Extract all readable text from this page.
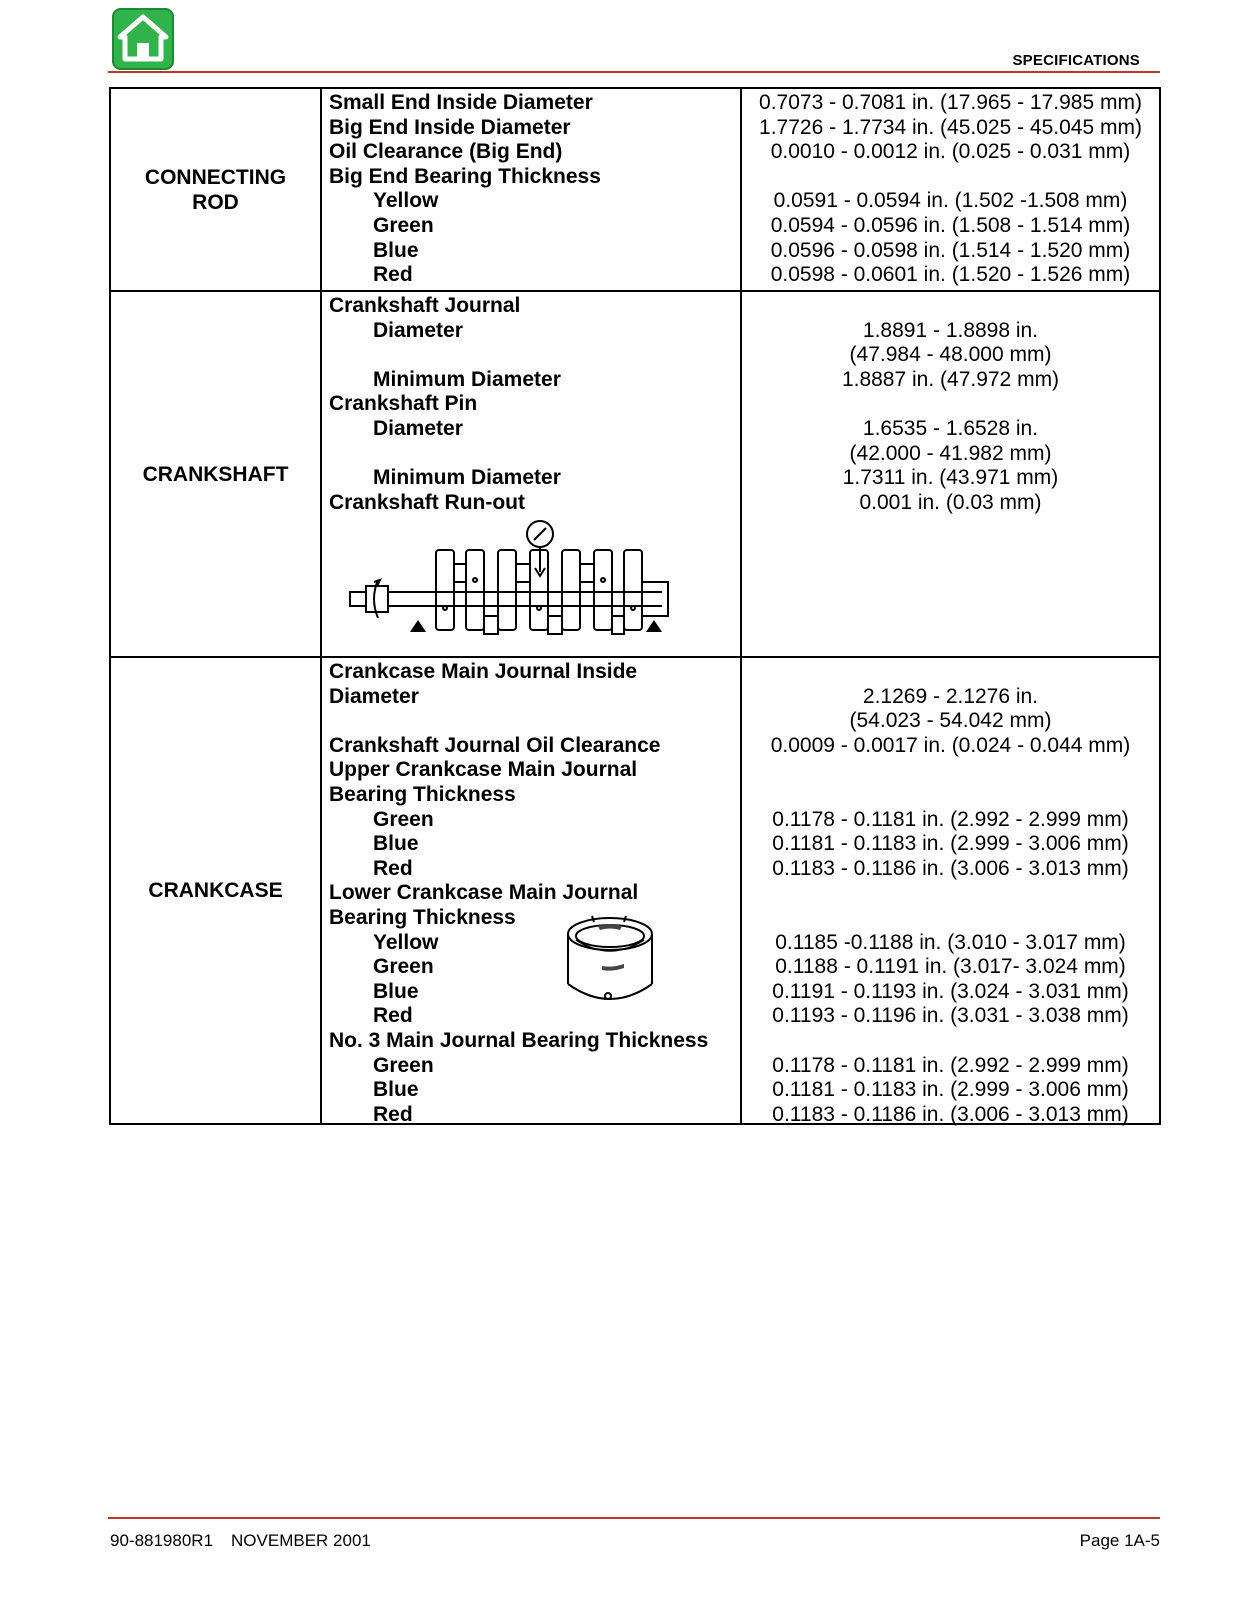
SPECIFICATIONS
CONNECTING
ROD
Small End Inside Diameter
Big End Inside Diameter
Oil Clearance (Big End)
Big End Bearing Thickness
Yellow
Green
Blue
Red
0.7073 - 0.7081 in. (17.965 - 17.985 mm)
1.7726 - 1.7734 in. (45.025 - 45.045 mm)
0.0010 - 0.0012 in. (0.025 - 0.031 mm)
0.0591 - 0.0594 in. (1.502 -1.508 mm)
0.0594 - 0.0596 in. (1.508 - 1.514 mm)
0.0596 - 0.0598 in. (1.514 - 1.520 mm)
0.0598 - 0.0601 in. (1.520 - 1.526 mm)
CRANKSHAFT
Crankshaft Journal
Diameter
Minimum Diameter
Crankshaft Pin
Diameter
Minimum Diameter
Crankshaft Run-out
1.8891 - 1.8898 in.
(47.984 - 48.000 mm)
1.8887 in. (47.972 mm)
1.6535 - 1.6528 in.
(42.000 - 41.982 mm)
1.7311 in. (43.971 mm)
0.001 in. (0.03 mm)
CRANKCASE
Crankcase Main Journal Inside
Diameter
Crankshaft Journal Oil Clearance
Upper Crankcase Main Journal
Bearing Thickness
Green
Blue
Red
Lower Crankcase Main Journal
Bearing Thickness
Yellow
Green
Blue
Red
No. 3 Main Journal Bearing Thickness
Green
Blue
Red
2.1269 - 2.1276 in.
(54.023 - 54.042 mm)
0.0009 - 0.0017 in. (0.024 - 0.044 mm)
0.1178 - 0.1181 in. (2.992 - 2.999 mm)
0.1181 - 0.1183 in. (2.999 - 3.006 mm)
0.1183 - 0.1186 in. (3.006 - 3.013 mm)
0.1185 -0.1188 in. (3.010 - 3.017 mm)
0.1188 - 0.1191 in. (3.017- 3.024 mm)
0.1191 - 0.1193 in. (3.024 - 3.031 mm)
0.1193 - 0.1196 in. (3.031 - 3.038 mm)
0.1178 - 0.1181 in. (2.992 - 2.999 mm)
0.1181 - 0.1183 in. (2.999 - 3.006 mm)
0.1183 - 0.1186 in. (3.006 - 3.013 mm)
90-881980R1 NOVEMBER 2001	Page 1A-5
